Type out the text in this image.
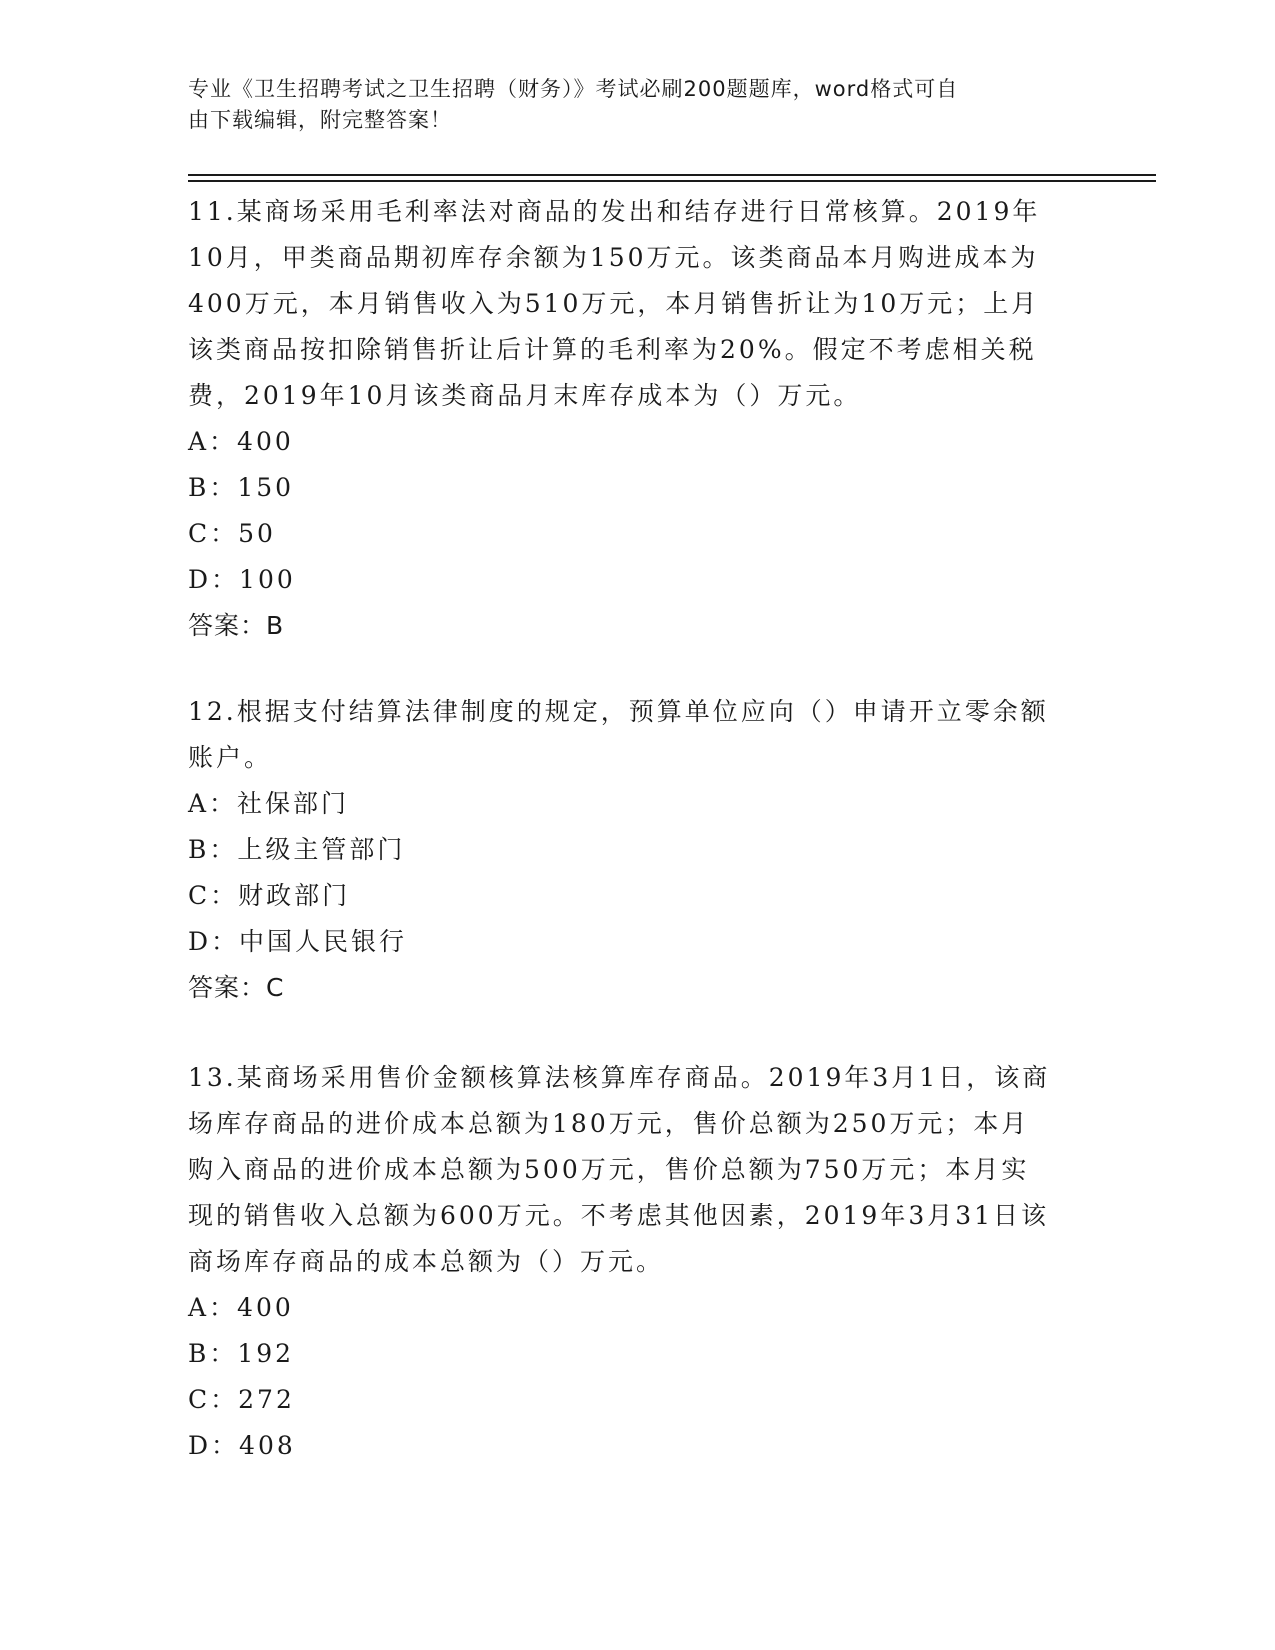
专业《卫生招聘考试之卫生招聘（财务）》考试必刷200题题库，word格式可自
由下载编辑，附完整答案！
11.某商场采用毛利率法对商品的发出和结存进行日常核算。2019年
10月，甲类商品期初库存余额为150万元。该类商品本月购进成本为
400万元，本月销售收入为510万元，本月销售折让为10万元；上月
该类商品按扣除销售折让后计算的毛利率为20%。假定不考虑相关税
费，2019年10月该类商品月末库存成本为（）万元。
A：400
B：150
C：50
D：100
答案：B
12.根据支付结算法律制度的规定，预算单位应向（）申请开立零余额
账户。
A：社保部门
B：上级主管部门
C：财政部门
D：中国人民银行
答案：C
13.某商场采用售价金额核算法核算库存商品。2019年3月1日，该商
场库存商品的进价成本总额为180万元，售价总额为250万元；本月
购入商品的进价成本总额为500万元，售价总额为750万元；本月实
现的销售收入总额为600万元。不考虑其他因素，2019年3月31日该
商场库存商品的成本总额为（）万元。
A：400
B：192
C：272
D：408
